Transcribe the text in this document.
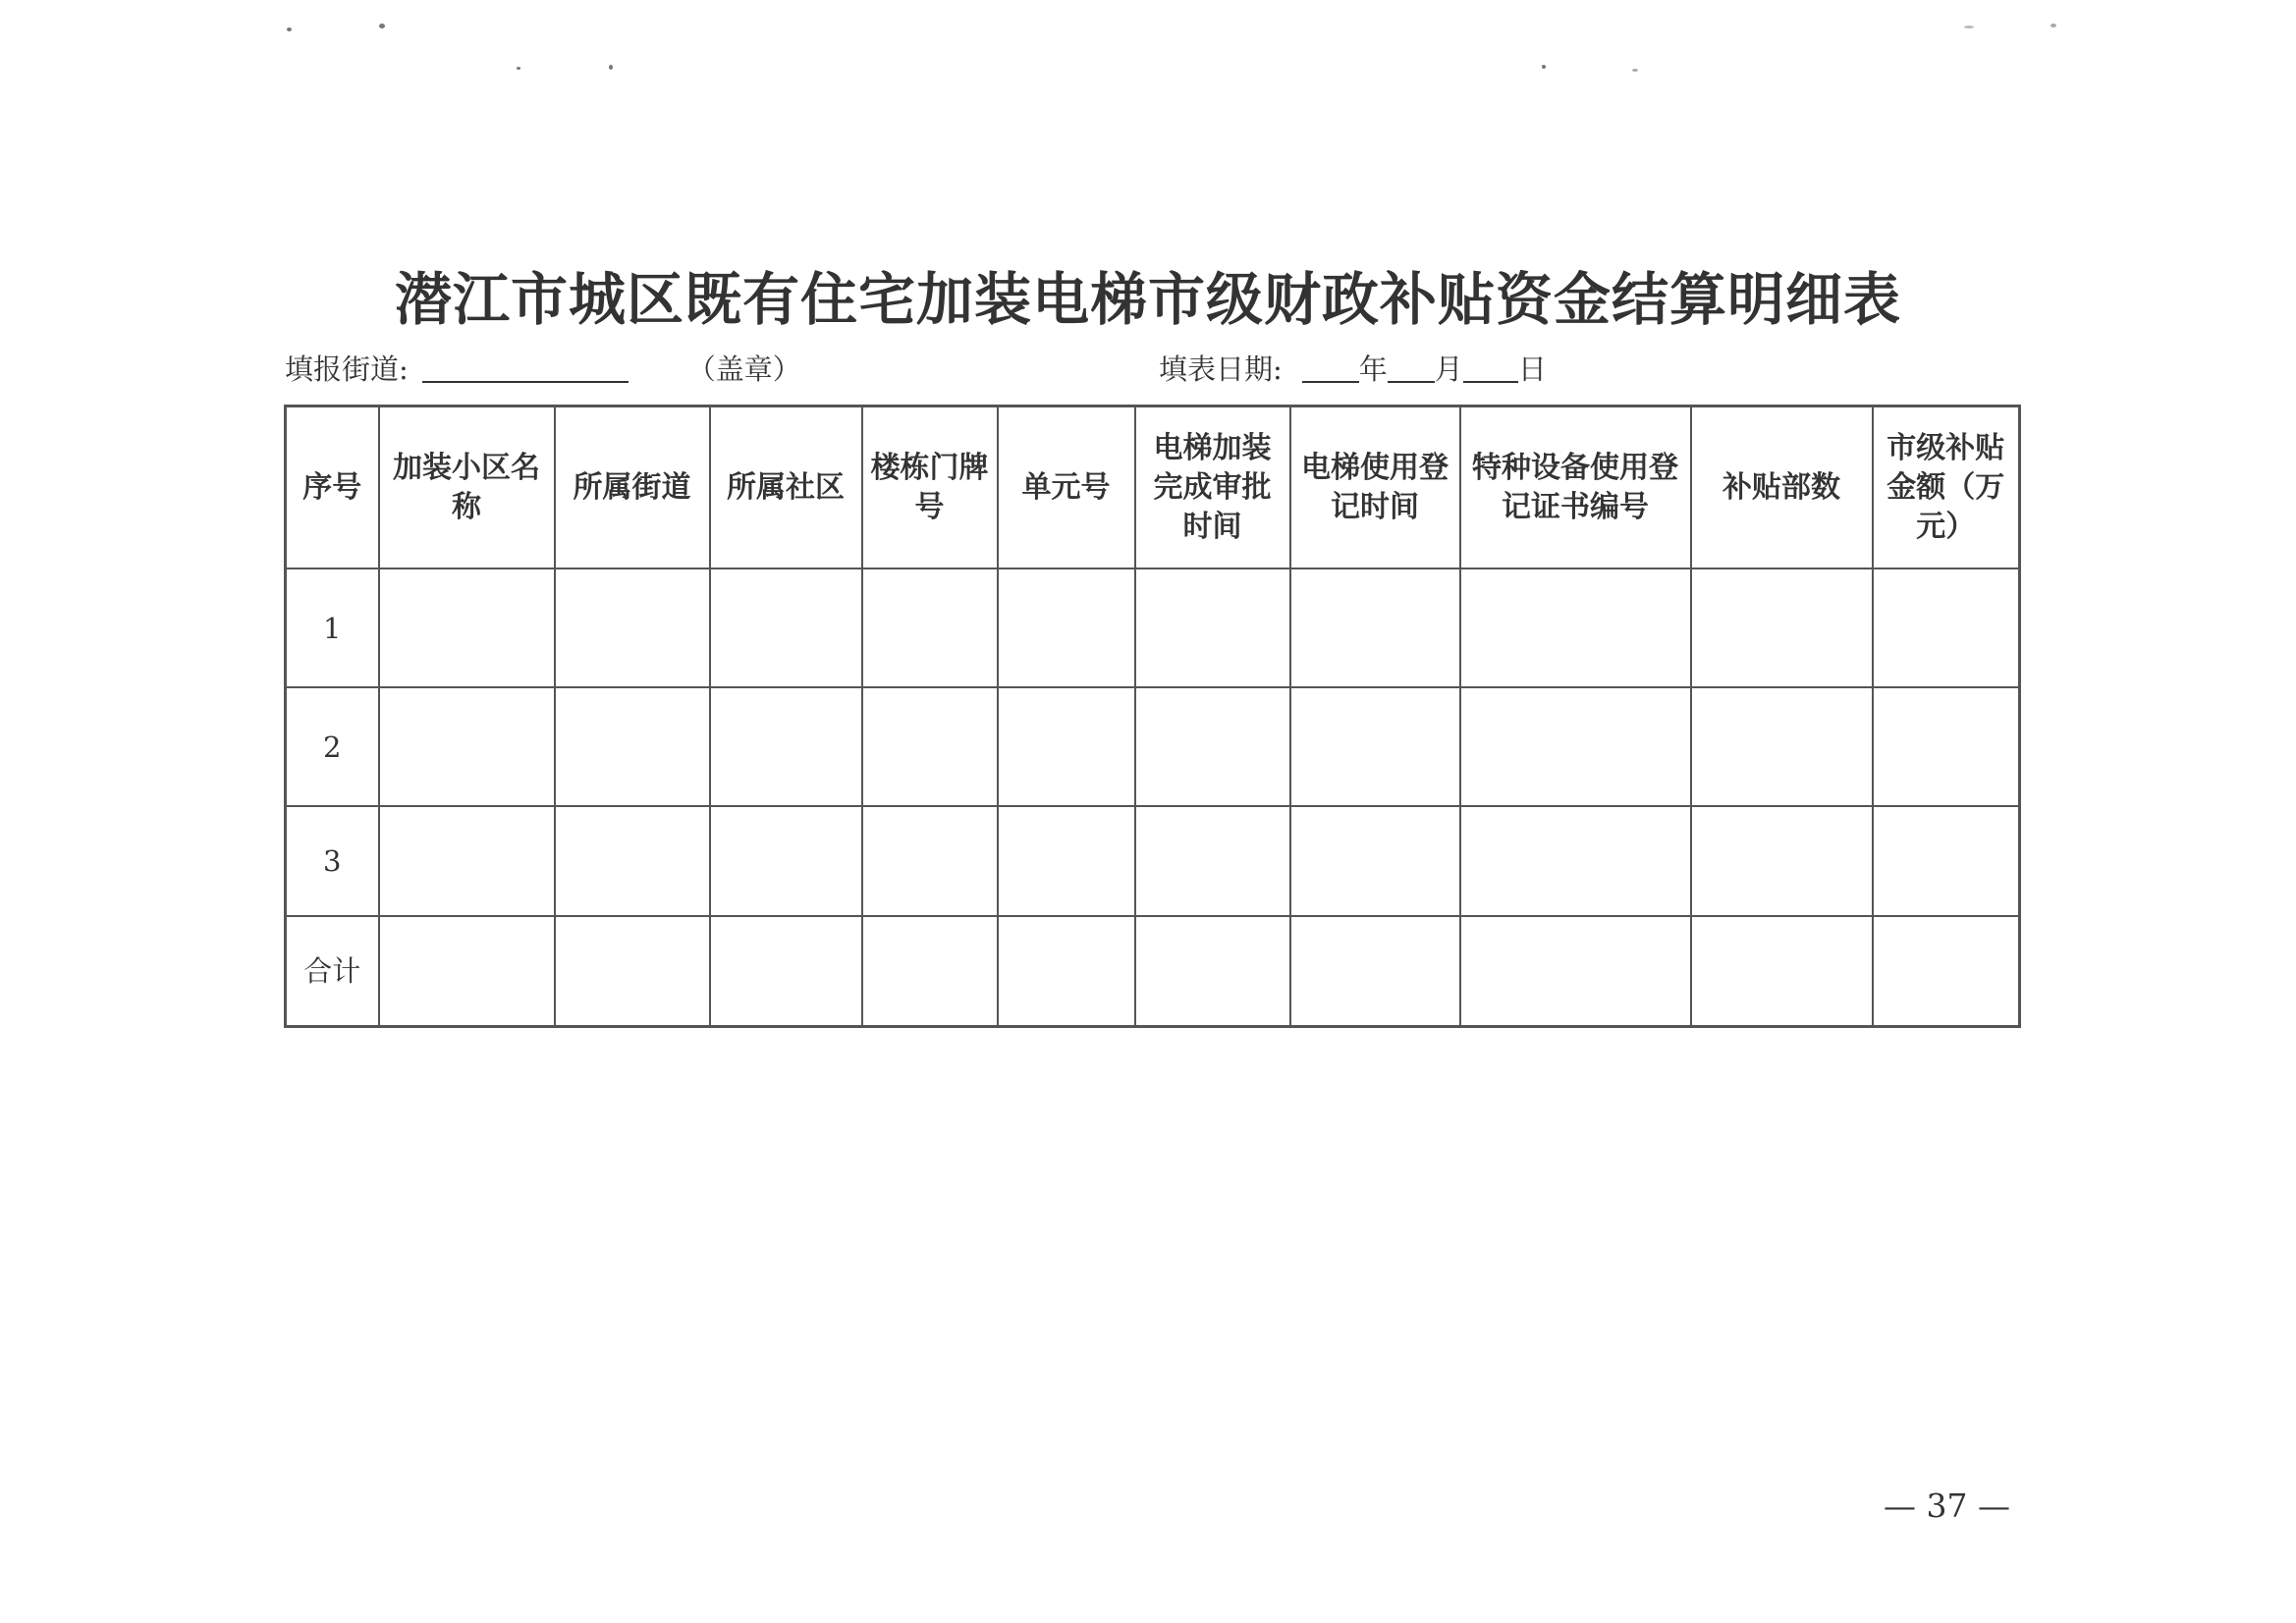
潜江市城区既有住宅加装电梯市级财政补贴资金结算明细表
填报街道:	（盖章）	填表日期:	年 月 日
序号	加装小区名称	所属街道	所属社区	楼栋门牌号	单元号	电梯加装完成审批时间	电梯使用登记时间	特种设备使用登记证书编号	补贴部数	市级补贴金额（万元）
1										
2										
3										
合计										
— 37 —
